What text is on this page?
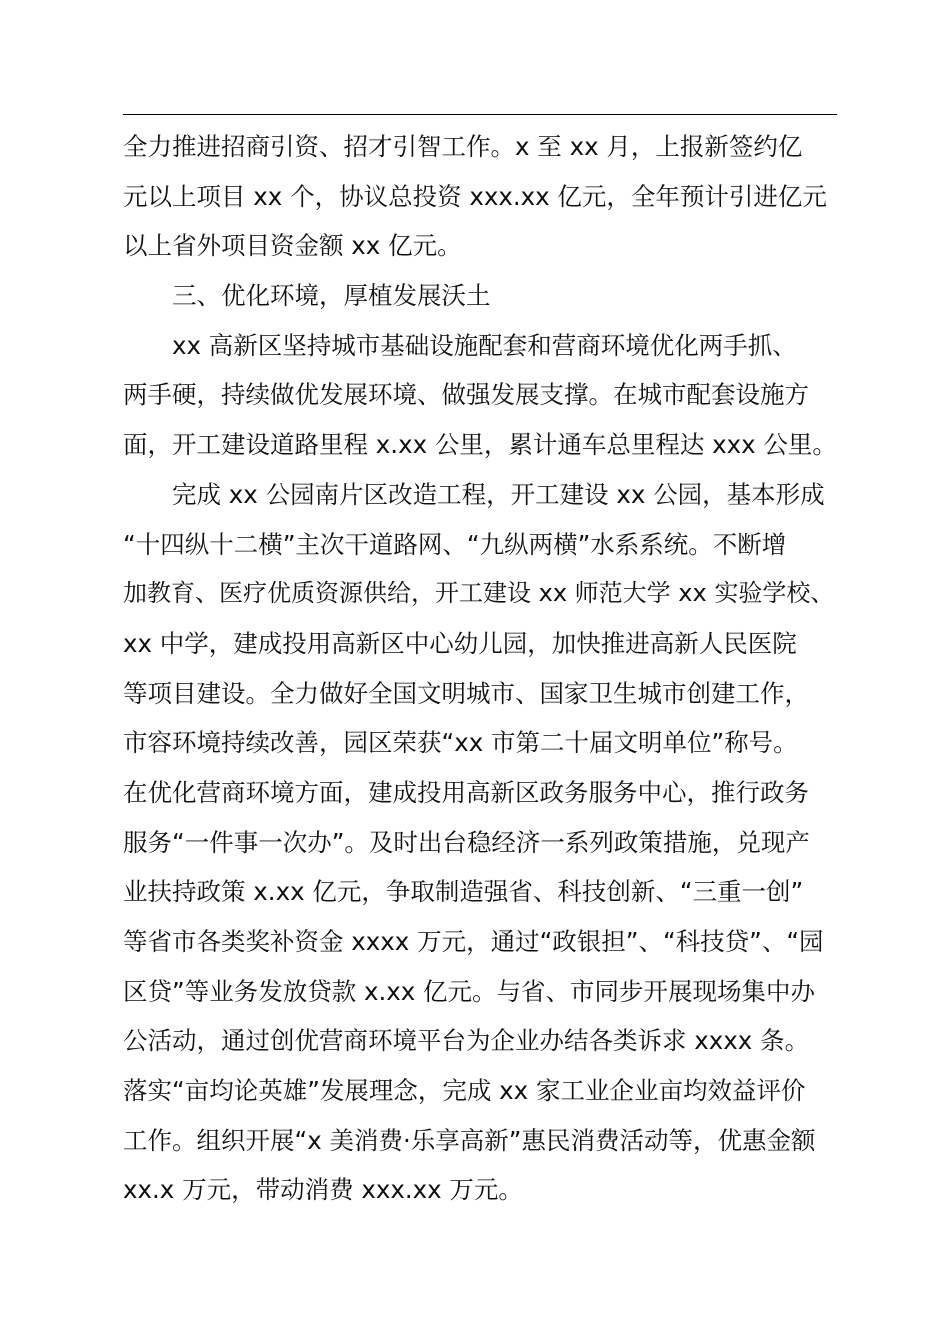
全力推进招商引资、招才引智工作。x 至 xx 月，上报新签约亿
元以上项目 xx 个，协议总投资 xxx.xx 亿元，全年预计引进亿元
以上省外项目资金额 xx 亿元。
三、优化环境，厚植发展沃土
xx 高新区坚持城市基础设施配套和营商环境优化两手抓、
两手硬，持续做优发展环境、做强发展支撑。在城市配套设施方
面，开工建设道路里程 x.xx 公里，累计通车总里程达 xxx 公里。
完成 xx 公园南片区改造工程，开工建设 xx 公园，基本形成
“十四纵十二横”主次干道路网、“九纵两横”水系系统。不断增
加教育、医疗优质资源供给，开工建设 xx 师范大学 xx 实验学校、
xx 中学，建成投用高新区中心幼儿园，加快推进高新人民医院
等项目建设。全力做好全国文明城市、国家卫生城市创建工作，
市容环境持续改善，园区荣获“xx 市第二十届文明单位”称号。
在优化营商环境方面，建成投用高新区政务服务中心，推行政务
服务“一件事一次办”。及时出台稳经济一系列政策措施，兑现产
业扶持政策 x.xx 亿元，争取制造强省、科技创新、“三重一创”
等省市各类奖补资金 xxxx 万元，通过“政银担”、“科技贷”、“园
区贷”等业务发放贷款 x.xx 亿元。与省、市同步开展现场集中办
公活动，通过创优营商环境平台为企业办结各类诉求 xxxx 条。
落实“亩均论英雄”发展理念，完成 xx 家工业企业亩均效益评价
工作。组织开展“x 美消费·乐享高新”惠民消费活动等，优惠金额
xx.x 万元，带动消费 xxx.xx 万元。
